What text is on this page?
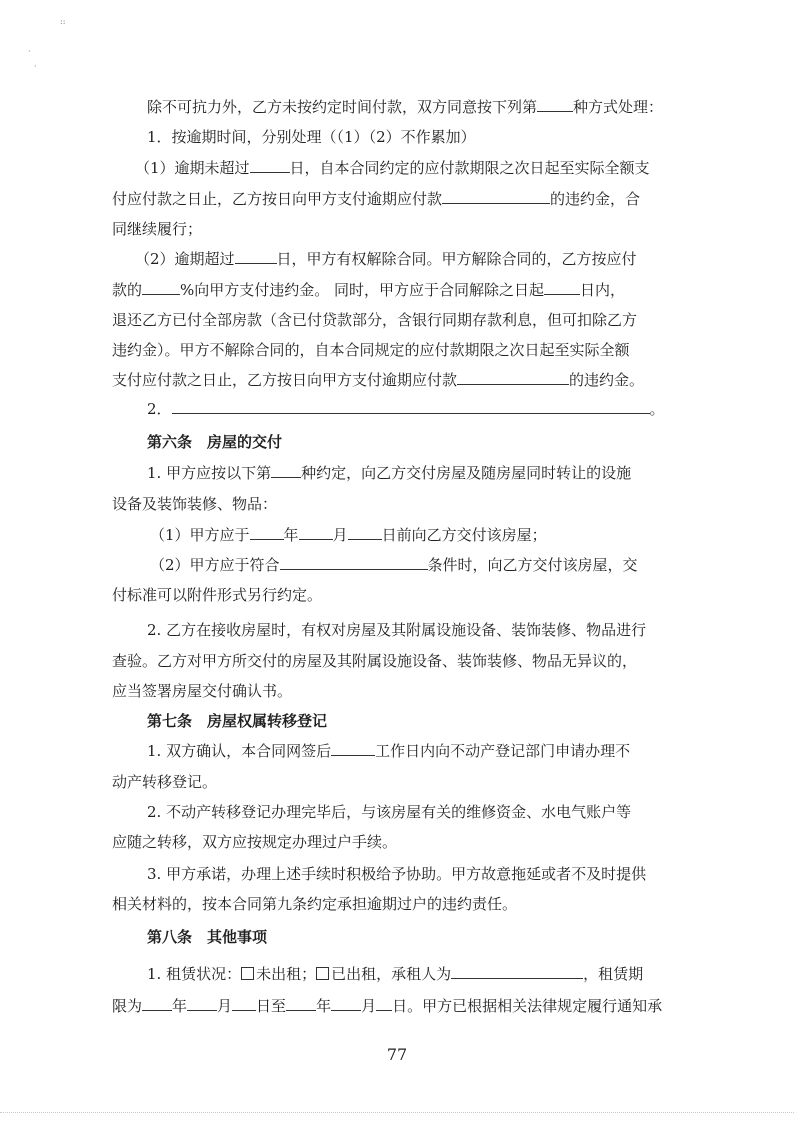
::
·
·
除不可抗力外，乙方未按约定时间付款，双方同意按下列第 种方式处理：
1．按逾期时间，分别处理（（1）（2）不作累加）
（1）逾期未超过	日，自本合同约定的应付款期限之次日起至实际全额支
付应付款之日止，乙方按日向甲方支付逾期应付款	的违约金，合
同继续履行；
（2）逾期超过	日，甲方有权解除合同。甲方解除合同的，乙方按应付
款的	%向甲方支付违约金。 同时，甲方应于合同解除之日起 日内，
退还乙方已付全部房款（含已付贷款部分，含银行同期存款利息，但可扣除乙方
违约金）。甲方不解除合同的，自本合同规定的应付款期限之次日起至实际全额
支付应付款之日止，乙方按日向甲方支付逾期应付款	的违约金。
2．	。
第六条　房屋的交付
1. 甲方应按以下第 种约定，向乙方交付房屋及随房屋同时转让的设施
设备及装饰装修、物品：
（1）甲方应于 年 月 日前向乙方交付该房屋；
（2）甲方应于符合	条件时，向乙方交付该房屋，交
付标准可以附件形式另行约定。
2. 乙方在接收房屋时，有权对房屋及其附属设施设备、装饰装修、物品进行
查验。乙方对甲方所交付的房屋及其附属设施设备、装饰装修、物品无异议的，
应当签署房屋交付确认书。
第七条　房屋权属转移登记
1. 双方确认，本合同网签后	工作日内向不动产登记部门申请办理不
动产转移登记。
2. 不动产转移登记办理完毕后，与该房屋有关的维修资金、水电气账户等
应随之转移，双方应按规定办理过户手续。
3. 甲方承诺，办理上述手续时积极给予协助。甲方故意拖延或者不及时提供
相关材料的，按本合同第九条约定承担逾期过户的违约责任。
第八条　其他事项
1. 租赁状况： 未出租； 已出租，承租人为	，租赁期
限为 年 月 日至 年 月 日。甲方已根据相关法律规定履行通知承
77
